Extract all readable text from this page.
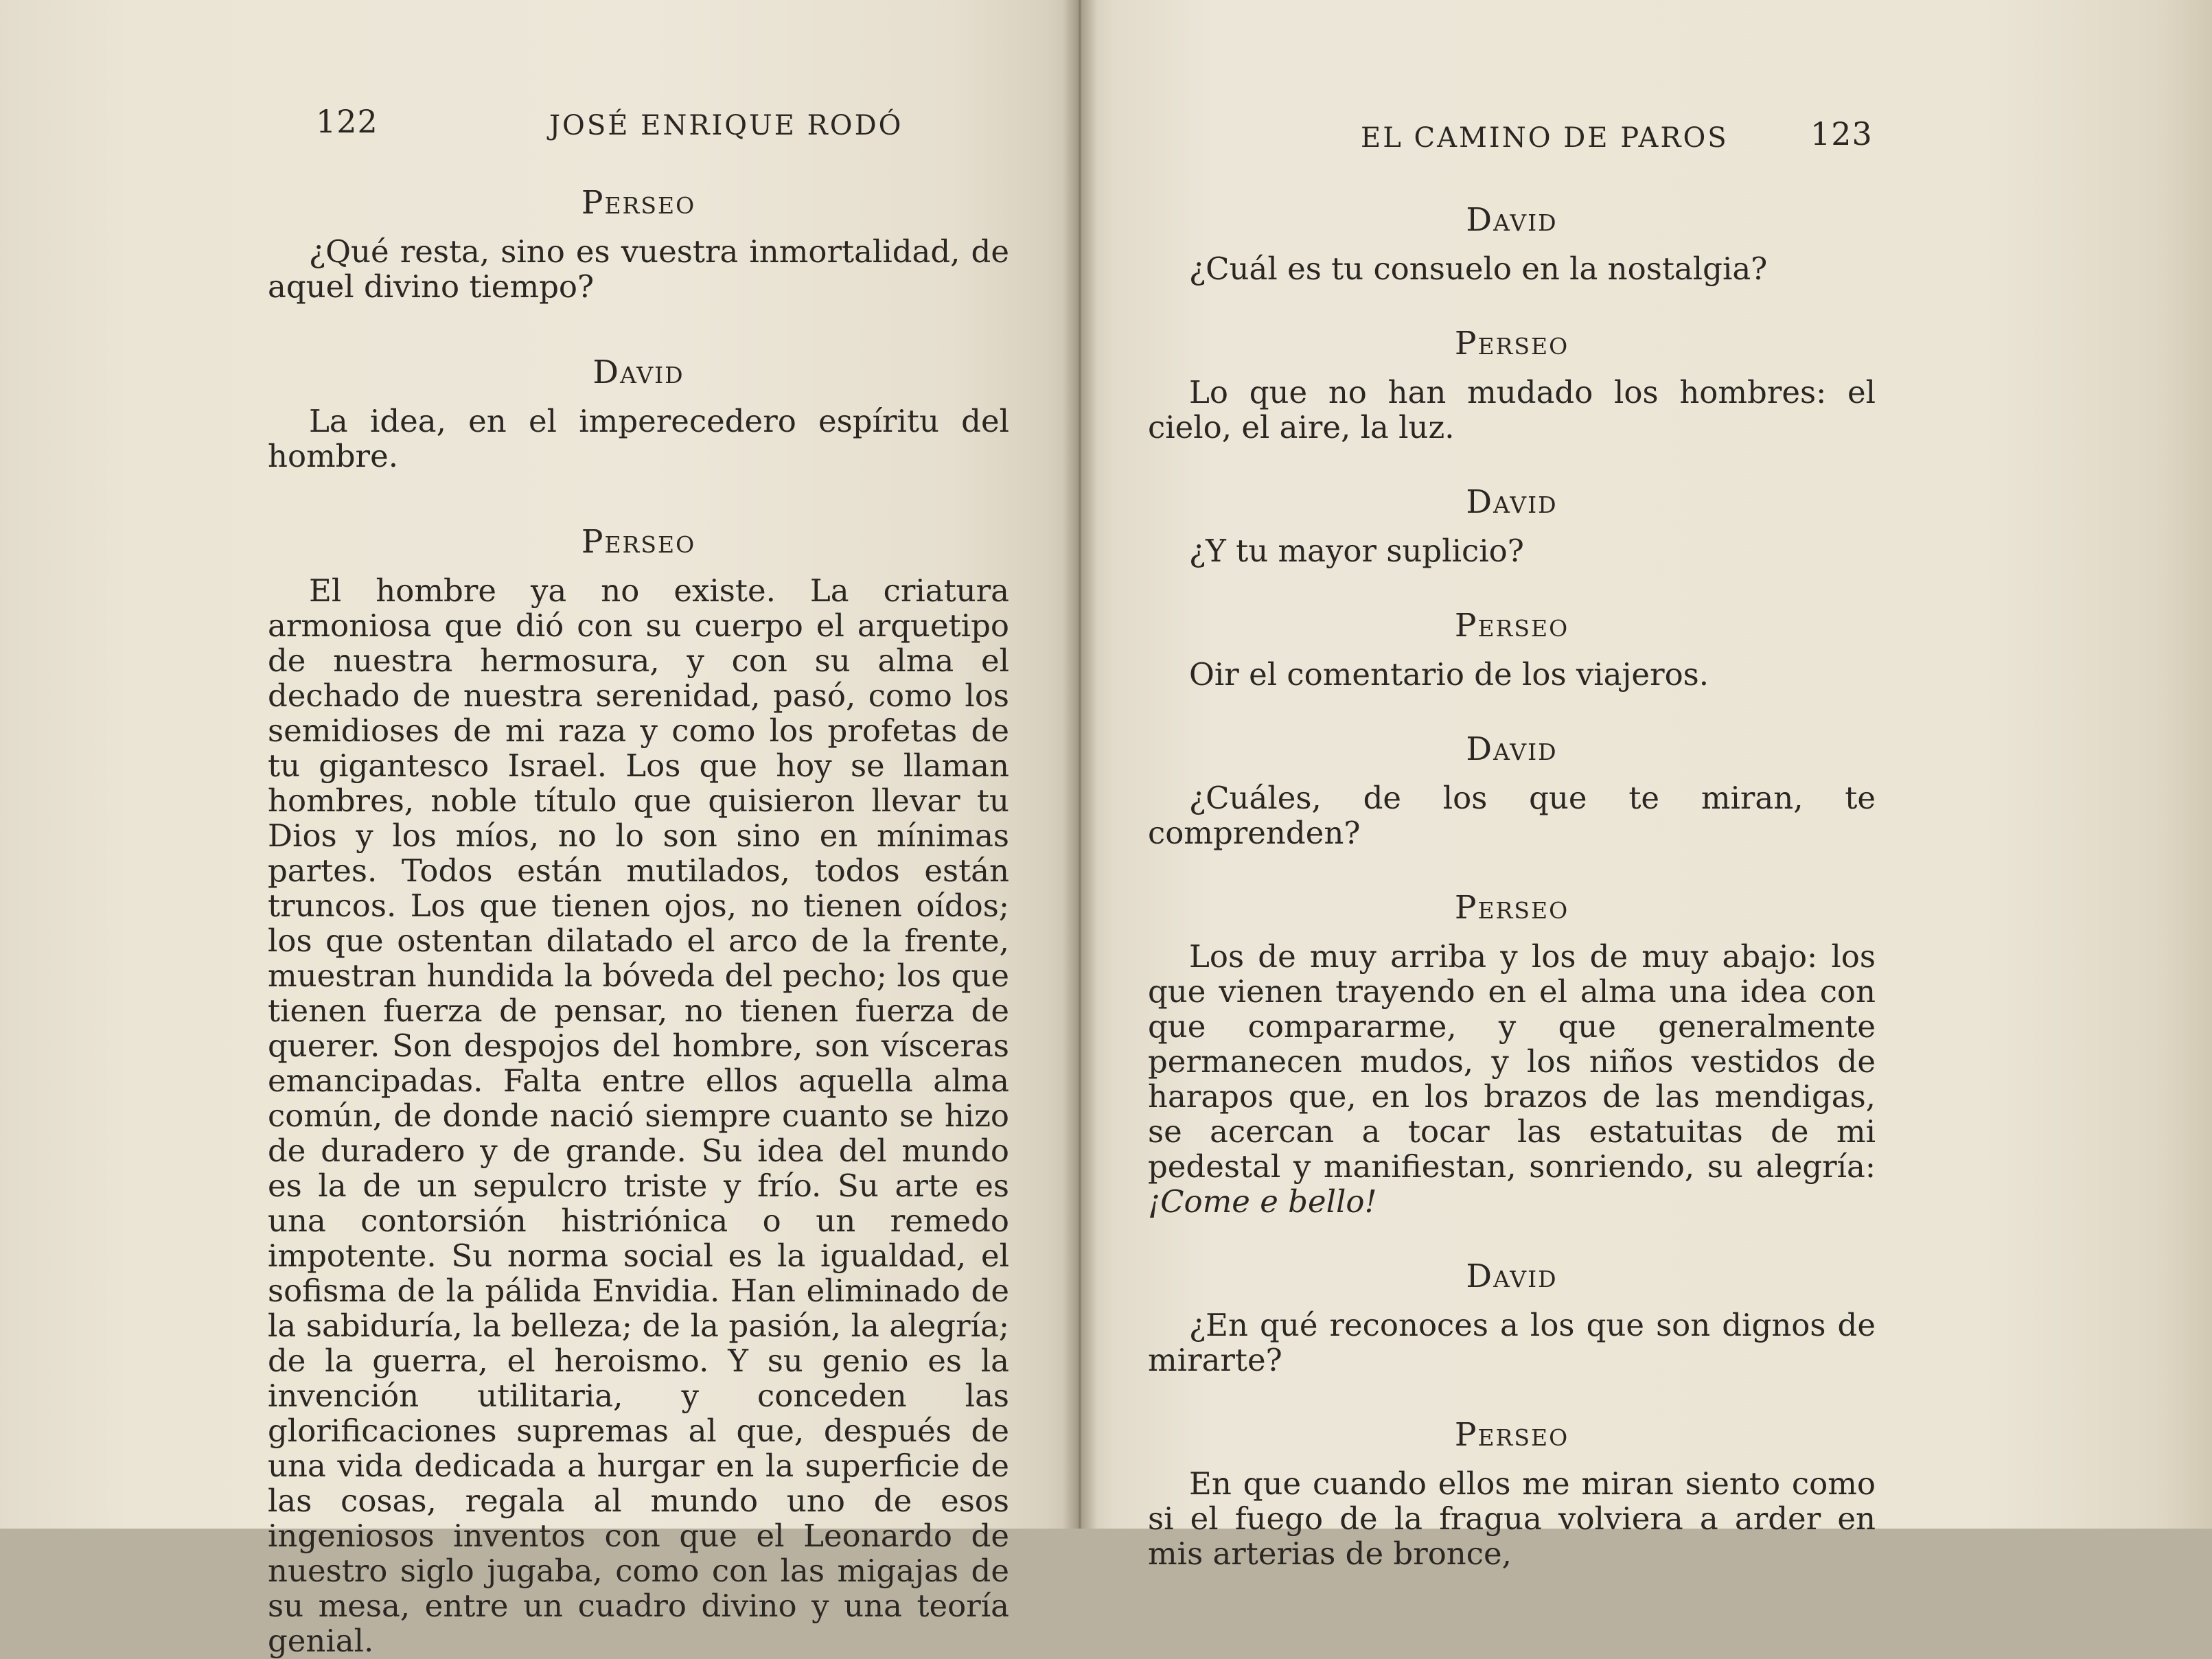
122	JOSÉ ENRIQUE RODÓ

Perseo

¿Qué resta, sino es vuestra inmortalidad, de aquel divino tiempo?

David

La idea, en el imperecedero espíritu del hombre.

Perseo

El hombre ya no existe. La criatura armoniosa que dió con su cuerpo el arquetipo de nuestra hermosura, y con su alma el dechado de nuestra serenidad, pasó, como los semidioses de mi raza y como los profetas de tu gigantesco Israel. Los que hoy se llaman hombres, noble título que quisieron llevar tu Dios y los míos, no lo son sino en mínimas partes. Todos están mutilados, todos están truncos. Los que tienen ojos, no tienen oídos; los que ostentan dilatado el arco de la frente, muestran hundida la bóveda del pecho; los que tienen fuerza de pensar, no tienen fuerza de querer. Son despojos del hombre, son vísceras emancipadas. Falta entre ellos aquella alma común, de donde nació siempre cuanto se hizo de duradero y de grande. Su idea del mundo es la de un sepulcro triste y frío. Su arte es una contorsión histriónica o un remedo impotente. Su norma social es la igualdad, el sofisma de la pálida Envidia. Han eliminado de la sabiduría, la belleza; de la pasión, la alegría; de la guerra, el heroismo. Y su genio es la invención utilitaria, y conceden las glorificaciones supremas al que, después de una vida dedicada a hurgar en la superficie de las cosas, regala al mundo uno de esos ingeniosos inventos con que el Leonardo de nuestro siglo jugaba, como con las migajas de su mesa, entre un cuadro divino y una teoría genial.

EL CAMINO DE PAROS	123

David

¿Cuál es tu consuelo en la nostalgia?

Perseo

Lo que no han mudado los hombres: el cielo, el aire, la luz.

David

¿Y tu mayor suplicio?

Perseo

Oir el comentario de los viajeros.

David

¿Cuáles, de los que te miran, te comprenden?

Perseo

Los de muy arriba y los de muy abajo: los que vienen trayendo en el alma una idea con que compararme, y que generalmente permanecen mudos, y los niños vestidos de harapos que, en los brazos de las mendigas, se acercan a tocar las estatuitas de mi pedestal y manifiestan, sonriendo, su alegría: ¡Come e bello!

David

¿En qué reconoces a los que son dignos de mirarte?

Perseo

En que cuando ellos me miran siento como si el fuego de la fragua volviera a arder en mis arterias de bronce,
